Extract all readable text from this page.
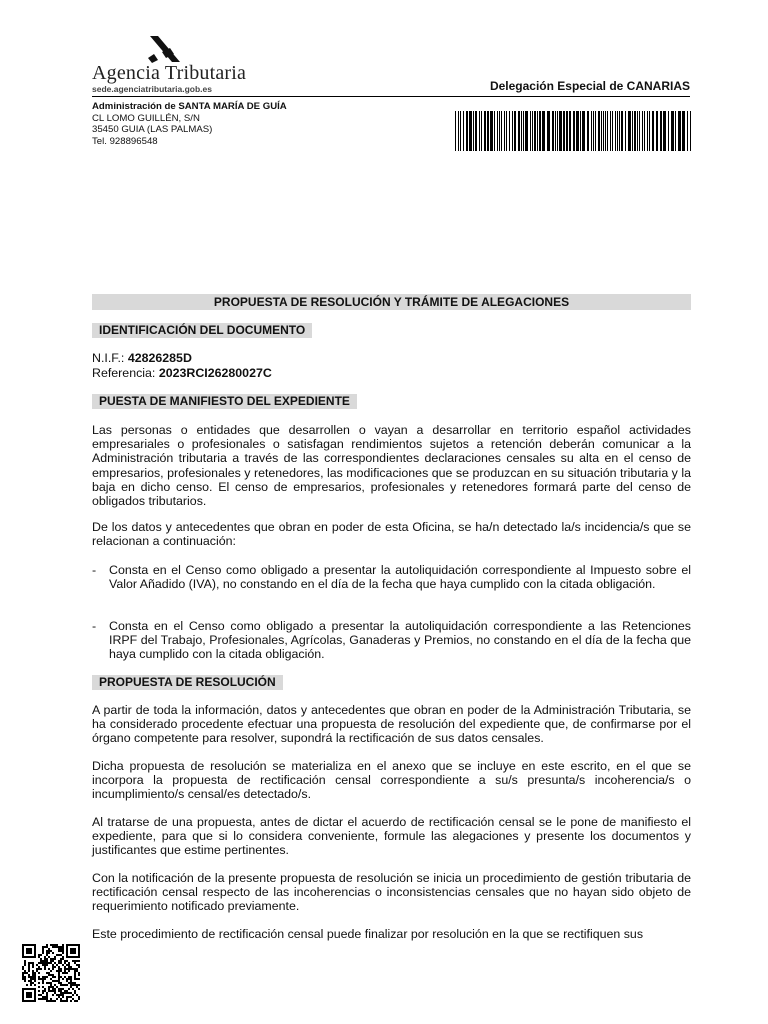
Agencia Tributaria
sede.agenciatributaria.gob.es	Delegación Especial de CANARIAS
Administración de SANTA MARÍA DE GUÍA
CL LOMO GUILLÉN, S/N
35450 GUIA (LAS PALMAS)
Tel. 928896548
PROPUESTA DE RESOLUCIÓN Y TRÁMITE DE ALEGACIONES
IDENTIFICACIÓN DEL DOCUMENTO
N.I.F.: 42826285D
Referencia: 2023RCI26280027C
PUESTA DE MANIFIESTO DEL EXPEDIENTE
Las personas o entidades que desarrollen o vayan a desarrollar en territorio español actividades empresariales o profesionales o satisfagan rendimientos sujetos a retención deberán comunicar a la Administración tributaria a través de las correspondientes declaraciones censales su alta en el censo de empresarios, profesionales y retenedores, las modificaciones que se produzcan en su situación tributaria y la baja en dicho censo. El censo de empresarios, profesionales y retenedores formará parte del censo de obligados tributarios.
De los datos y antecedentes que obran en poder de esta Oficina, se ha/n detectado la/s incidencia/s que se relacionan a continuación:
- Consta en el Censo como obligado a presentar la autoliquidación correspondiente al Impuesto sobre el Valor Añadido (IVA), no constando en el día de la fecha que haya cumplido con la citada obligación.
- Consta en el Censo como obligado a presentar la autoliquidación correspondiente a las Retenciones IRPF del Trabajo, Profesionales, Agrícolas, Ganaderas y Premios, no constando en el día de la fecha que haya cumplido con la citada obligación.
PROPUESTA DE RESOLUCIÓN
A partir de toda la información, datos y antecedentes que obran en poder de la Administración Tributaria, se ha considerado procedente efectuar una propuesta de resolución del expediente que, de confirmarse por el órgano competente para resolver, supondrá la rectificación de sus datos censales.
Dicha propuesta de resolución se materializa en el anexo que se incluye en este escrito, en el que se incorpora la propuesta de rectificación censal correspondiente a su/s presunta/s incoherencia/s o incumplimiento/s censal/es detectado/s.
Al tratarse de una propuesta, antes de dictar el acuerdo de rectificación censal se le pone de manifiesto el expediente, para que si lo considera conveniente, formule las alegaciones y presente los documentos y justificantes que estime pertinentes.
Con la notificación de la presente propuesta de resolución se inicia un procedimiento de gestión tributaria de rectificación censal respecto de las incoherencias o inconsistencias censales que no hayan sido objeto de requerimiento notificado previamente.
Este procedimiento de rectificación censal puede finalizar por resolución en la que se rectifiquen sus
